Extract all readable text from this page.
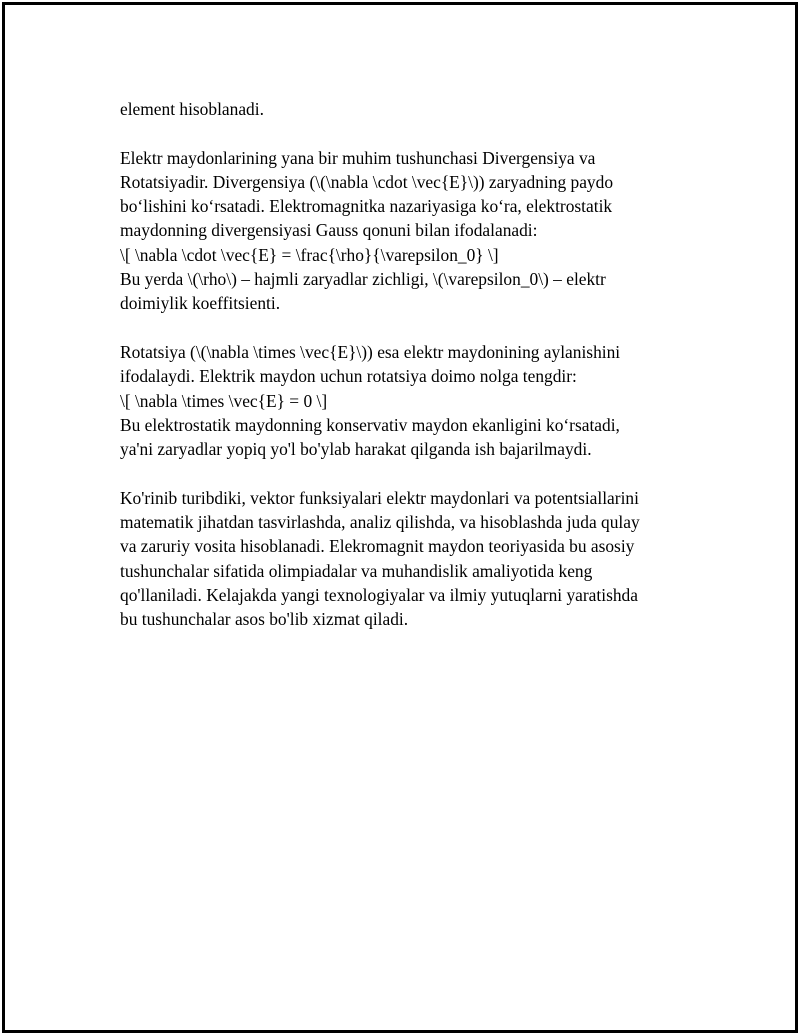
element hisoblanadi.
Elektr maydonlarining yana bir muhim tushunchasi Divergensiya va
Rotatsiyadir. Divergensiya (\(\nabla \cdot \vec{E}\)) zaryadning paydo
bo‘lishini ko‘rsatadi. Elektromagnitka nazariyasiga ko‘ra, elektrostatik
maydonning divergensiyasi Gauss qonuni bilan ifodalanadi:
\[ \nabla \cdot \vec{E} = \frac{\rho}{\varepsilon_0} \]
Bu yerda \(\rho\) – hajmli zaryadlar zichligi, \(\varepsilon_0\) – elektr
doimiylik koeffitsienti.
Rotatsiya (\(\nabla \times \vec{E}\)) esa elektr maydonining aylanishini
ifodalaydi. Elektrik maydon uchun rotatsiya doimo nolga tengdir:
\[ \nabla \times \vec{E} = 0 \]
Bu elektrostatik maydonning konservativ maydon ekanligini ko‘rsatadi,
ya'ni zaryadlar yopiq yo'l bo'ylab harakat qilganda ish bajarilmaydi.
Ko'rinib turibdiki, vektor funksiyalari elektr maydonlari va potentsiallarini
matematik jihatdan tasvirlashda, analiz qilishda, va hisoblashda juda qulay
va zaruriy vosita hisoblanadi. Elekromagnit maydon teoriyasida bu asosiy
tushunchalar sifatida olimpiadalar va muhandislik amaliyotida keng
qo'llaniladi. Kelajakda yangi texnologiyalar va ilmiy yutuqlarni yaratishda
bu tushunchalar asos bo'lib xizmat qiladi.
